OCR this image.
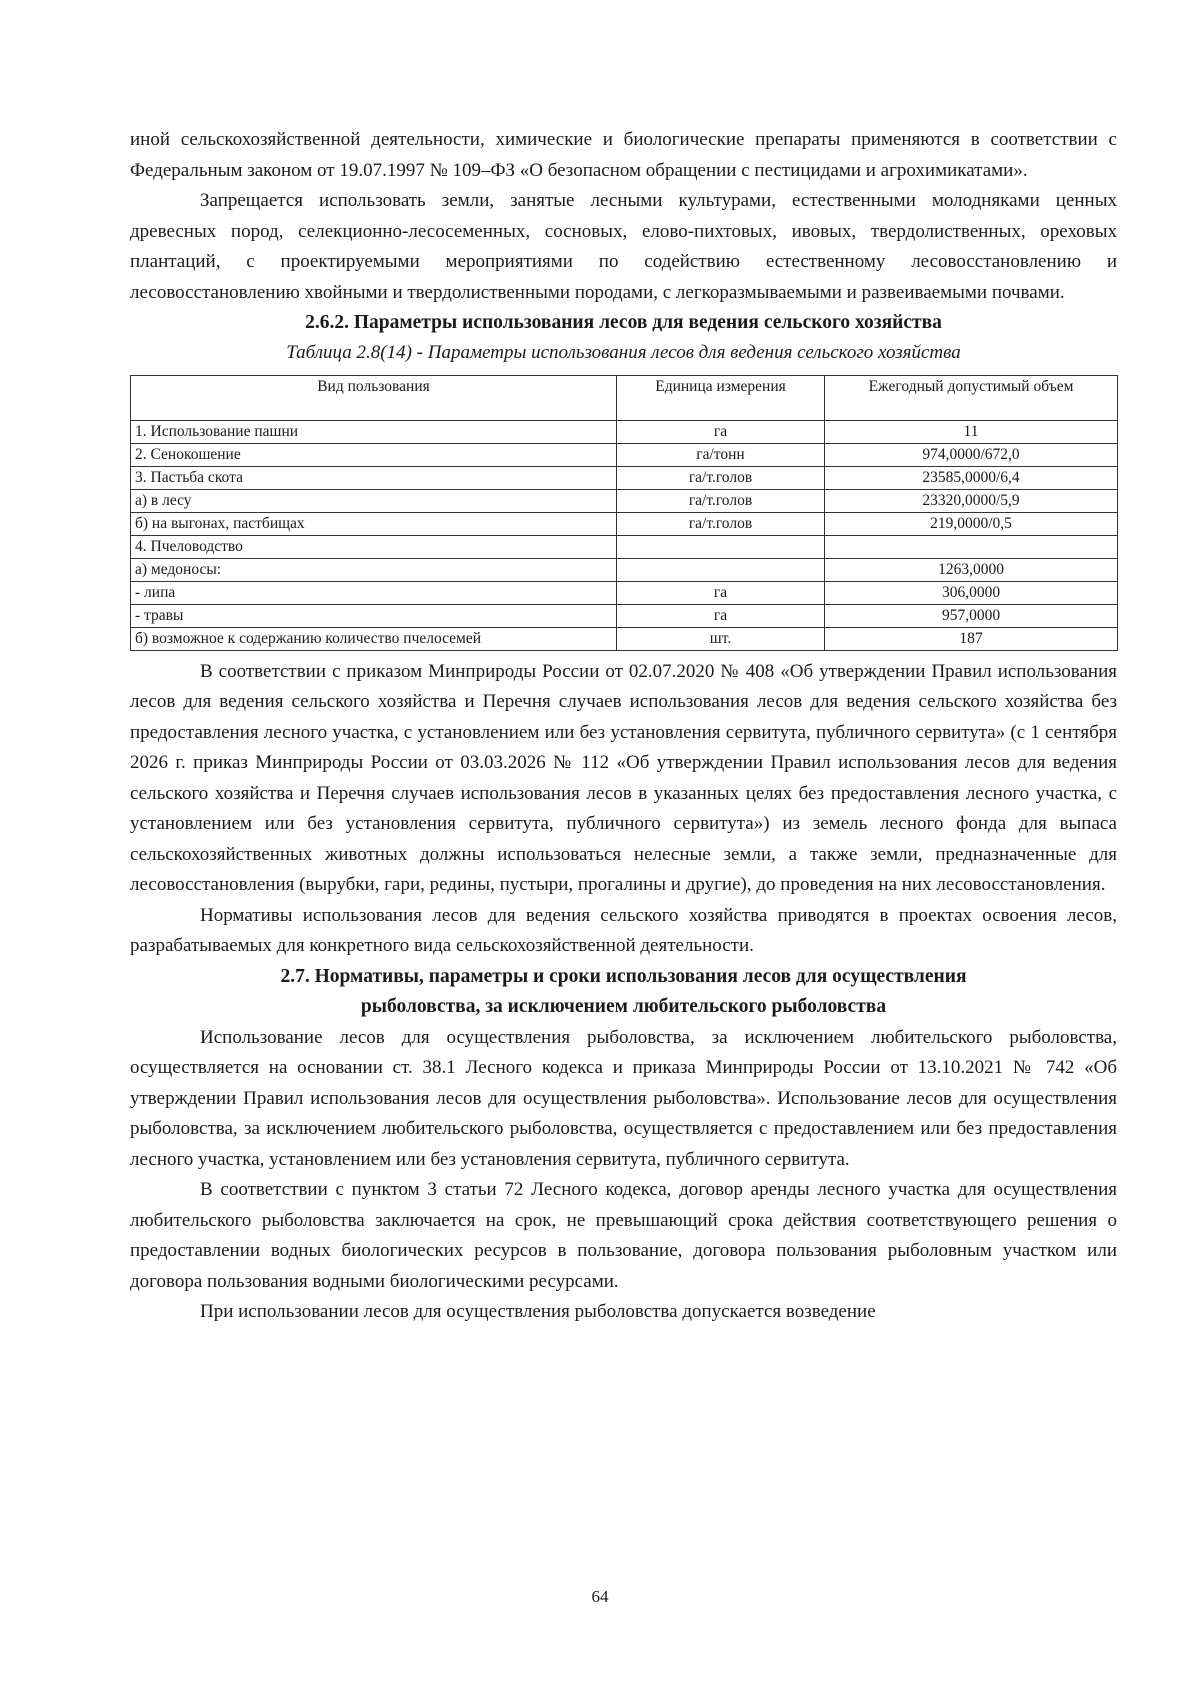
иной сельскохозяйственной деятельности, химические и биологические препараты применяются в соответствии с Федеральным законом от 19.07.1997 № 109–ФЗ «О безопасном обращении с пестицидами и агрохимикатами».

Запрещается использовать земли, занятые лесными культурами, естественными молодняками ценных древесных пород, селекционно-лесосеменных, сосновых, елово-пихтовых, ивовых, твердолиственных, ореховых плантаций, с проектируемыми мероприятиями по содействию естественному лесовосстановлению и лесовосстановлению хвойными и твердолиственными породами, с легкоразмываемыми и развеиваемыми почвами.

2.6.2. Параметры использования лесов для ведения сельского хозяйства
Таблица 2.8(14) - Параметры использования лесов для ведения сельского хозяйства
Вид пользования	Единица измерения	Ежегодный допустимый объем
1. Использование пашни	га	11
2. Сенокошение	га/тонн	974,0000/672,0
3. Пастьба скота	га/т.голов	23585,0000/6,4
а) в лесу	га/т.голов	23320,0000/5,9
б) на выгонах, пастбищах	га/т.голов	219,0000/0,5
4. Пчеловодство		
а) медоносы:		1263,0000
- липа	га	306,0000
- травы	га	957,0000
б) возможное к содержанию количество пчелосемей	шт.	187

В соответствии с приказом Минприроды России от 02.07.2020 № 408 «Об утверждении Правил использования лесов для ведения сельского хозяйства и Перечня случаев использования лесов для ведения сельского хозяйства без предоставления лесного участка, с установлением или без установления сервитута, публичного сервитута» (с 1 сентября 2026 г. приказ Минприроды России от 03.03.2026 № 112 «Об утверждении Правил использования лесов для ведения сельского хозяйства и Перечня случаев использования лесов в указанных целях без предоставления лесного участка, с установлением или без установления сервитута, публичного сервитута») из земель лесного фонда для выпаса сельскохозяйственных животных должны использоваться нелесные земли, а также земли, предназначенные для лесовосстановления (вырубки, гари, редины, пустыри, прогалины и другие), до проведения на них лесовосстановления.

Нормативы использования лесов для ведения сельского хозяйства приводятся в проектах освоения лесов, разрабатываемых для конкретного вида сельскохозяйственной деятельности.

2.7. Нормативы, параметры и сроки использования лесов для осуществления
рыболовства, за исключением любительского рыболовства

Использование лесов для осуществления рыболовства, за исключением любительского рыболовства, осуществляется на основании ст. 38.1 Лесного кодекса и приказа Минприроды России от 13.10.2021 № 742 «Об утверждении Правил использования лесов для осуществления рыболовства». Использование лесов для осуществления рыболовства, за исключением любительского рыболовства, осуществляется с предоставлением или без предоставления лесного участка, установлением или без установления сервитута, публичного сервитута.

В соответствии с пунктом 3 статьи 72 Лесного кодекса, договор аренды лесного участка для осуществления любительского рыболовства заключается на срок, не превышающий срока действия соответствующего решения о предоставлении водных биологических ресурсов в пользование, договора пользования рыболовным участком или договора пользования водными биологическими ресурсами.

При использовании лесов для осуществления рыболовства допускается возведение

64
